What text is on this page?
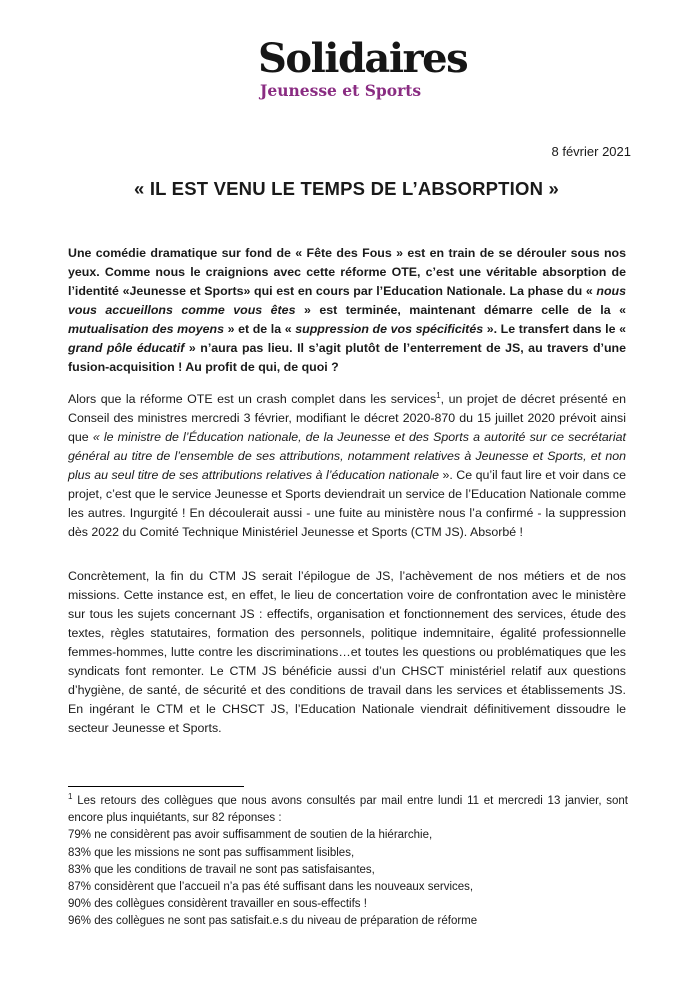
Solidaires
Jeunesse et Sports
8 février 2021
« IL EST VENU LE TEMPS DE L’ABSORPTION »
Une comédie dramatique sur fond de « Fête des Fous » est en train de se dérouler sous nos yeux. Comme nous le craignions avec cette réforme OTE, c’est une véritable absorption de l’identité «Jeunesse et Sports» qui est en cours par l’Education Nationale. La phase du « nous vous accueillons comme vous êtes » est terminée, maintenant démarre celle de la « mutualisation des moyens » et de la « suppression de vos spécificités ». Le transfert dans le « grand pôle éducatif » n’aura pas lieu. Il s’agit plutôt de l’enterrement de JS, au travers d’une fusion-acquisition ! Au profit de qui, de quoi ?
Alors que la réforme OTE est un crash complet dans les services$^1$, un projet de décret présenté en Conseil des ministres mercredi 3 février, modifiant le décret 2020-870 du 15 juillet 2020 prévoit ainsi que « le ministre de l’Éducation nationale, de la Jeunesse et des Sports a autorité sur ce secrétariat général au titre de l’ensemble de ses attributions, notamment relatives à Jeunesse et Sports, et non plus au seul titre de ses attributions relatives à l’éducation nationale ». Ce qu’il faut lire et voir dans ce projet, c’est que le service Jeunesse et Sports deviendrait un service de l’Education Nationale comme les autres. Ingurgité ! En découlerait aussi - une fuite au ministère nous l’a confirmé - la suppression dès 2022 du Comité Technique Ministériel Jeunesse et Sports (CTM JS). Absorbé !
Concrètement, la fin du CTM JS serait l’épilogue de JS, l’achèvement de nos métiers et de nos missions. Cette instance est, en effet, le lieu de concertation voire de confrontation avec le ministère sur tous les sujets concernant JS : effectifs, organisation et fonctionnement des services, étude des textes, règles statutaires, formation des personnels, politique indemnitaire, égalité professionnelle femmes-hommes, lutte contre les discriminations…et toutes les questions ou problématiques que les syndicats font remonter. Le CTM JS bénéficie aussi d’un CHSCT ministériel relatif aux questions d’hygiène, de santé, de sécurité et des conditions de travail dans les services et établissements JS. En ingérant le CTM et le CHSCT JS, l’Education Nationale viendrait définitivement dissoudre le secteur Jeunesse et Sports.
$^1$ Les retours des collègues que nous avons consultés par mail entre lundi 11 et mercredi 13 janvier, sont encore plus inquiétants, sur 82 réponses :
79% ne considèrent pas avoir suffisamment de soutien de la hiérarchie,
83% que les missions ne sont pas suffisamment lisibles,
83% que les conditions de travail ne sont pas satisfaisantes,
87% considèrent que l’accueil n’a pas été suffisant dans les nouveaux services,
90% des collègues considèrent travailler en sous-effectifs !
96% des collègues ne sont pas satisfait.e.s du niveau de préparation de réforme
